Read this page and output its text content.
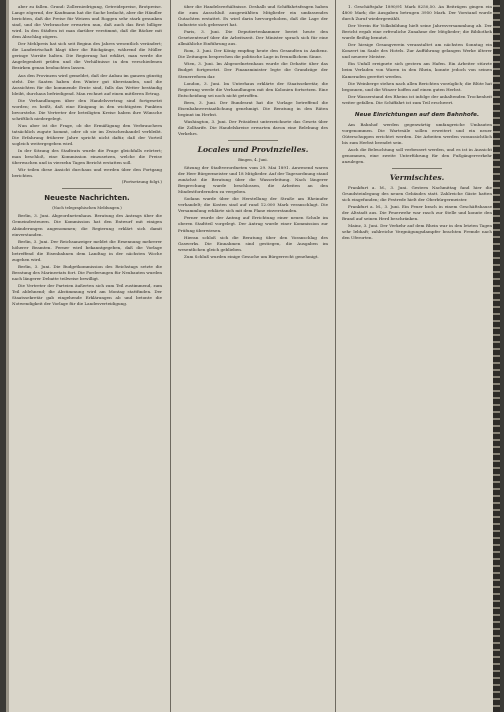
aber zu fallen. Grund: Zollerniedrigung, Getreidepreise, Brotpreise. Lange zögernd, der Kaufmann hat die Sache bedacht, aber die Händler berichten, daß die Preise für Weizen und Roggen sehr stark gesunken sind, und die Verbraucher erwarten nun, daß auch das Brot billiger wird. In den Städten ist man darüber verstimmt, daß die Bäcker mit dem Abschlag zögern.

Der Mehlpreis hat sich seit Beginn des Jahres wesentlich verändert; die Landwirtschaft klagt über die Rückgänge, während die Müller geringe Vorräte halten. Die Regierung hat erklärt, man werde die Angelegenheit prüfen und die Verhältnisse in den verschiedenen Bezirken genau beobachten lassen.

Aus den Provinzen wird gemeldet, daß der Anbau im ganzen günstig steht. Die Saaten haben den Winter gut überstanden, und die Aussichten für die kommende Ernte sind, falls das Wetter beständig bleibt, durchaus befriedigend. Man rechnet auf einen mittleren Ertrag.

Die Verhandlungen über den Handelsvertrag sind fortgesetzt worden; es heißt, daß eine Einigung in den wichtigsten Punkten bevorstehe. Die Vertreter der beteiligten Kreise haben ihre Wünsche schriftlich niedergelegt.

Nun aber ist die Frage, ob die Ermäßigung den Verbrauchern tatsächlich zugute kommt, oder ob sie im Zwischenhandel verbleibt. Die Erfahrung früherer Jahre spricht nicht dafür, daß der Vorteil sogleich weitergegeben wird.

In der Sitzung des Stadtrats wurde die Frage gleichfalls erörtert; man beschloß, eine Kommission einzusetzen, welche die Preise überwachen und in vierzehn Tagen Bericht erstatten soll.

Wir teilen diese Ansicht durchaus und werden über den Fortgang berichten.

(Fortsetzung folgt.)
Neueste Nachrichten.
(Nach telegraphischen Meldungen.)

Berlin, 3. Juni. Abgeordnetenhaus. Beratung des Antrags über die Gemeindesteuern. Die Kommission hat den Entwurf mit einigen Abänderungen angenommen; die Regierung erklärt sich damit einverstanden.

Berlin, 3. Juni. Der Reichsanzeiger meldet die Ernennung mehrerer höherer Beamten. Ferner wird bekanntgegeben, daß die Vorlage betreffend die Eisenbahnen dem Landtag in der nächsten Woche zugehen wird.

Berlin, 3. Juni. Die Budgetkommission des Reichstags setzte die Beratung des Marineetats fort. Die Forderungen für Neubauten wurden nach längerer Debatte teilweise bewilligt.

Die Vertreter der Parteien äußerten sich zum Teil zustimmend, zum Teil ablehnend; die Abstimmung wird am Montag stattfinden. Der Staatssekretär gab eingehende Erklärungen ab und betonte die Notwendigkeit der Vorlage für die Landesverteidigung.

über die Handelsverhältnisse. Deshalb und Schiffahrtsfragen haben die zum Ausschluß ausgewählten Mitglieder ein umfassendes Gutachten erstattet. Es wird darin hervorgehoben, daß die Lage der Industrie sich gebessert hat.

Paris, 3. Juni. Die Deputiertenkammer beriet heute den Gesetzentwurf über die Arbeitszeit. Der Minister sprach sich für eine allmähliche Einführung aus.

Rom, 3. Juni. Der König empfing heute den Gesandten in Audienz. Die Zeitungen besprechen die politische Lage in freundlichem Sinne.

Wien, 3. Juni. Im Abgeordnetenhaus wurde die Debatte über das Budget fortgesetzt. Der Finanzminister legte die Grundzüge der Steuerreform dar.

London, 3. Juni. Im Unterhaus erklärte der Staatssekretär, die Regierung werde die Verhandlungen mit den Kolonien fortsetzen. Eine Entscheidung sei noch nicht getroffen.

Bern, 3. Juni. Der Bundesrat hat die Vorlage betreffend die Eisenbahnverstaatlichung genehmigt. Die Beratung in den Räten beginnt im Herbst.

Washington, 3. Juni. Der Präsident unterzeichnete das Gesetz über die Zolltarife. Die Handelskreise erwarten davon eine Belebung des Verkehrs.

Locales und Provinzielles.
Bingen, 4. Juni.

Sitzung der Stadtverordneten vom 29. Mai 1891. Anwesend waren der Herr Bürgermeister und 18 Mitglieder. Auf der Tagesordnung stand zunächst die Beratung über die Wasserleitung. Nach längerer Besprechung wurde beschlossen, die Arbeiten an den Mindestfordernden zu vergeben.

Sodann wurde über die Herstellung der Straße am Rheinufer verhandelt; die Kosten sind auf rund 12.000 Mark veranschlagt. Die Versammlung erklärte sich mit dem Plane einverstanden.

Ferner wurde der Antrag auf Errichtung einer neuen Schule im oberen Stadtteil vorgelegt. Der Antrag wurde einer Kommission zur Prüfung überwiesen.

Hieran schloß sich die Beratung über den Voranschlag des Gaswerks. Die Einnahmen sind gestiegen, die Ausgaben im wesentlichen gleich geblieben.

Zum Schluß wurden einige Gesuche um Bürgerrecht genehmigt.

1. Geschäftsjahr 1890/91 Mark 8250,50. An Beiträgen gingen ein 4800 Mark; die Ausgaben betrugen 3950 Mark. Der Vorstand wurde durch Zuruf wiedergewählt.

Der Verein für Volksbildung hielt seine Jahresversammlung ab. Der Bericht ergab eine erfreuliche Zunahme der Mitglieder; die Bibliothek wurde fleißig benutzt.

Der hiesige Gesangverein veranstaltet am nächsten Sonntag ein Konzert im Saale des Hotels. Zur Aufführung gelangen Werke älterer und neuerer Meister.

Ein Unfall ereignete sich gestern am Hafen. Ein Arbeiter stürzte beim Verladen von Waren in den Rhein, konnte jedoch von seinen Kameraden gerettet werden.

Die Weinberge stehen nach allen Berichten vorzüglich; die Blüte hat begonnen, und die Winzer hoffen auf einen guten Herbst.

Der Wasserstand des Rheins ist infolge der anhaltenden Trockenheit weiter gefallen. Die Schiffahrt ist zum Teil erschwert.

Neue Einrichtungen auf dem Bahnhofe.

Am Bahnhof werden gegenwärtig umfangreiche Umbauten vorgenommen. Die Wartesäle sollen erweitert und ein neuer Güterschuppen errichtet werden. Die Arbeiten werden voraussichtlich bis zum Herbst beendet sein.

Auch die Beleuchtung soll verbessert werden, und es ist in Aussicht genommen, eine zweite Unterführung für den Fußgängerverkehr anzulegen.

Vermischtes.

Frankfurt a. M., 3. Juni. Gestern Nachmittag fand hier die Grundsteinlegung des neuen Gebäudes statt. Zahlreiche Gäste hatten sich eingefunden; die Festrede hielt der Oberbürgermeister.

Frankfurt a. M., 3. Juni. Ein Feuer brach in einem Geschäftshause der Altstadt aus. Die Feuerwehr war rasch zur Stelle und konnte den Brand auf seinen Herd beschränken.

Mainz, 3. Juni. Der Verkehr auf dem Rhein war in den letzten Tagen sehr lebhaft; zahlreiche Vergnügungsdampfer brachten Fremde nach den Uferorten.
